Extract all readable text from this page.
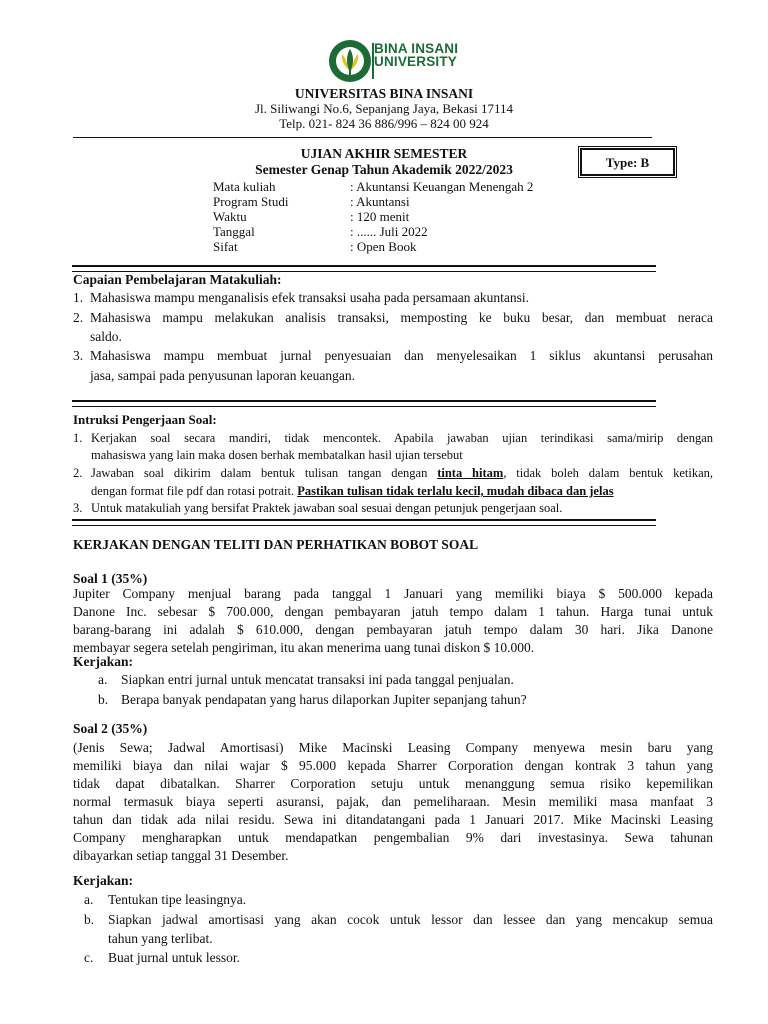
BINA INSANI
UNIVERSITY
UNIVERSITAS BINA INSANI
Jl. Siliwangi No.6, Sepanjang Jaya, Bekasi 17114
Telp. 021- 824 36 886/996 – 824 00 924
UJIAN AKHIR SEMESTER
Semester Genap Tahun Akademik 2022/2023	Type: B
Mata kuliah	: Akuntansi Keuangan Menengah 2
Program Studi	: Akuntansi
Waktu	: 120 menit
Tanggal	: ...... Juli 2022
Sifat	: Open Book
Capaian Pembelajaran Matakuliah:
1. Mahasiswa mampu menganalisis efek transaksi usaha pada persamaan akuntansi.
2. Mahasiswa mampu melakukan analisis transaksi, memposting ke buku besar, dan membuat neraca
saldo.
3. Mahasiswa mampu membuat jurnal penyesuaian dan menyelesaikan 1 siklus akuntansi perusahan
jasa, sampai pada penyusunan laporan keuangan.
Intruksi Pengerjaan Soal:
1. Kerjakan soal secara mandiri, tidak mencontek. Apabila jawaban ujian terindikasi sama/mirip dengan
mahasiswa yang lain maka dosen berhak membatalkan hasil ujian tersebut
2. Jawaban soal dikirim dalam bentuk tulisan tangan dengan tinta hitam, tidak boleh dalam bentuk ketikan,
dengan format file pdf dan rotasi potrait. Pastikan tulisan tidak terlalu kecil, mudah dibaca dan jelas
3. Untuk matakuliah yang bersifat Praktek jawaban soal sesuai dengan petunjuk pengerjaan soal.
KERJAKAN DENGAN TELITI DAN PERHATIKAN BOBOT SOAL
Soal 1 (35%)
Jupiter Company menjual barang pada tanggal 1 Januari yang memiliki biaya $ 500.000 kepada
Danone Inc. sebesar $ 700.000, dengan pembayaran jatuh tempo dalam 1 tahun. Harga tunai untuk
barang-barang ini adalah $ 610.000, dengan pembayaran jatuh tempo dalam 30 hari. Jika Danone
membayar segera setelah pengiriman, itu akan menerima uang tunai diskon $ 10.000.
Kerjakan:
a. Siapkan entri jurnal untuk mencatat transaksi ini pada tanggal penjualan.
b. Berapa banyak pendapatan yang harus dilaporkan Jupiter sepanjang tahun?
Soal 2 (35%)
(Jenis Sewa; Jadwal Amortisasi) Mike Macinski Leasing Company menyewa mesin baru yang
memiliki biaya dan nilai wajar $ 95.000 kepada Sharrer Corporation dengan kontrak 3 tahun yang
tidak dapat dibatalkan. Sharrer Corporation setuju untuk menanggung semua risiko kepemilikan
normal termasuk biaya seperti asuransi, pajak, dan pemeliharaan. Mesin memiliki masa manfaat 3
tahun dan tidak ada nilai residu. Sewa ini ditandatangani pada 1 Januari 2017. Mike Macinski Leasing
Company mengharapkan untuk mendapatkan pengembalian 9% dari investasinya. Sewa tahunan
dibayarkan setiap tanggal 31 Desember.
Kerjakan:
a. Tentukan tipe leasingnya.
b. Siapkan jadwal amortisasi yang akan cocok untuk lessor dan lessee dan yang mencakup semua
tahun yang terlibat.
c. Buat jurnal untuk lessor.
